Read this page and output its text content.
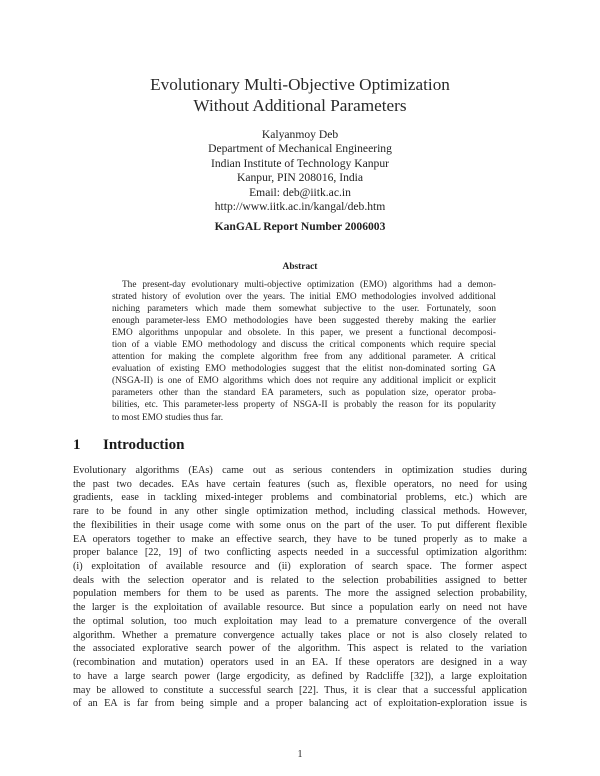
Evolutionary Multi-Objective Optimization
Without Additional Parameters
Kalyanmoy Deb
Department of Mechanical Engineering
Indian Institute of Technology Kanpur
Kanpur, PIN 208016, India
Email: deb@iitk.ac.in
http://www.iitk.ac.in/kangal/deb.htm
KanGAL Report Number 2006003
Abstract
The present-day evolutionary multi-objective optimization (EMO) algorithms had a demon-
strated history of evolution over the years. The initial EMO methodologies involved additional
niching parameters which made them somewhat subjective to the user. Fortunately, soon
enough parameter-less EMO methodologies have been suggested thereby making the earlier
EMO algorithms unpopular and obsolete. In this paper, we present a functional decomposi-
tion of a viable EMO methodology and discuss the critical components which require special
attention for making the complete algorithm free from any additional parameter. A critical
evaluation of existing EMO methodologies suggest that the elitist non-dominated sorting GA
(NSGA-II) is one of EMO algorithms which does not require any additional implicit or explicit
parameters other than the standard EA parameters, such as population size, operator proba-
bilities, etc. This parameter-less property of NSGA-II is probably the reason for its popularity
to most EMO studies thus far.
1 Introduction
Evolutionary algorithms (EAs) came out as serious contenders in optimization studies during
the past two decades. EAs have certain features (such as, flexible operators, no need for using
gradients, ease in tackling mixed-integer problems and combinatorial problems, etc.) which are
rare to be found in any other single optimization method, including classical methods. However,
the flexibilities in their usage come with some onus on the part of the user. To put different flexible
EA operators together to make an effective search, they have to be tuned properly as to make a
proper balance [22, 19] of two conflicting aspects needed in a successful optimization algorithm:
(i) exploitation of available resource and (ii) exploration of search space. The former aspect
deals with the selection operator and is related to the selection probabilities assigned to better
population members for them to be used as parents. The more the assigned selection probability,
the larger is the exploitation of available resource. But since a population early on need not have
the optimal solution, too much exploitation may lead to a premature convergence of the overall
algorithm. Whether a premature convergence actually takes place or not is also closely related to
the associated explorative search power of the algorithm. This aspect is related to the variation
(recombination and mutation) operators used in an EA. If these operators are designed in a way
to have a large search power (large ergodicity, as defined by Radcliffe [32]), a large exploitation
may be allowed to constitute a successful search [22]. Thus, it is clear that a successful application
of an EA is far from being simple and a proper balancing act of exploitation-exploration issue is
1
